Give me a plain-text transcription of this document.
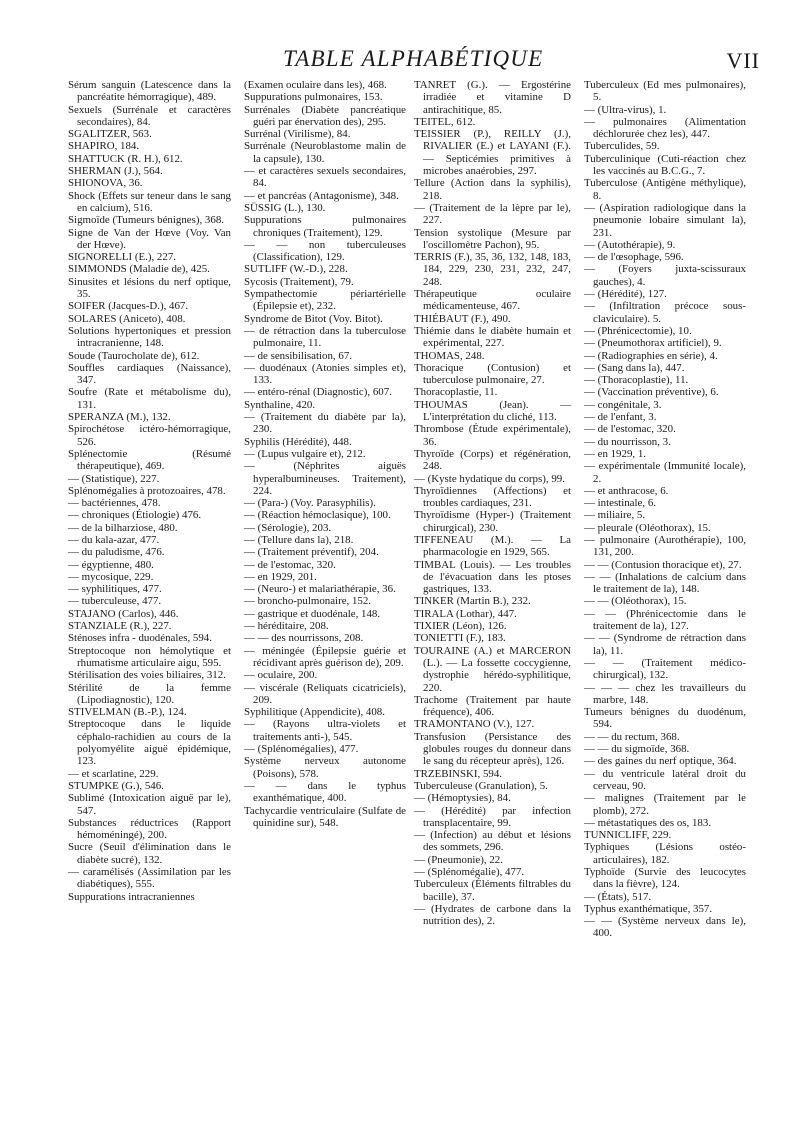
TABLE ALPHABÉTIQUE	VII

Sérum sanguin (Latescence dans la pancréatite hémorragique), 489.

Sexuels (Surrénale et caractères secondaires), 84.

SGALITZER, 563.

SHAPIRO, 184.

SHATTUCK (R. H.), 612.

SHERMAN (J.), 564.

SHIONOVA, 36.

Shock (Effets sur teneur dans le sang en calcium), 516.

Sigmoïde (Tumeurs bénignes), 368.

Signe de Van der Hœve (Voy. Van der Hœve).

SIGNORELLI (E.), 227.

SIMMONDS (Maladie de), 425.

Sinusites et lésions du nerf optique, 35.

SOIFER (Jacques-D.), 467.

SOLARES (Aniceto), 408.

Solutions hypertoniques et pression intracranienne, 148.

Soude (Taurocholate de), 612.

Souffles cardiaques (Naissance), 347.

Soufre (Rate et métabolisme du), 131.

SPERANZA (M.), 132.

Spirochétose ictéro-hémorragique, 526.

Splénectomie (Résumé thérapeutique), 469.

— (Statistique), 227.

Splénomégalies à protozoaires, 478.

— bactériennes, 478.

— chroniques (Étiologie) 476.

— de la bilharziose, 480.

— du kala-azar, 477.

— du paludisme, 476.

— égyptienne, 480.

— mycosique, 229.

— syphilitiques, 477.

— tuberculeuse, 477.

STAJANO (Carlos), 446.

STANZIALE (R.), 227.

Sténoses infra - duodénales, 594.

Streptocoque non hémolytique et rhumatisme articulaire aigu, 595.

Stérilisation des voies biliaires, 312.

Stérilité de la femme (Lipodiagnostic), 120.

STIVELMAN (B.-P.), 124.

Streptocoque dans le liquide céphalo-rachidien au cours de la polyomyélite aiguë épidémique, 123.

— et scarlatine, 229.

STUMPKE (G.), 546.

Sublimé (Intoxication aiguë par le), 547.

Substances réductrices (Rapport hémoméningé), 200.

Sucre (Seuil d'élimination dans le diabète sucré), 132.

— caramélisés (Assimilation par les diabétiques), 555.

Suppurations intracraniennes

(Examen oculaire dans les), 468.

Suppurations pulmonaires, 153.

Surrénales (Diabète pancréatique guéri par énervation des), 295.

Surrénal (Virilisme), 84.

Surrénale (Neuroblastome malin de la capsule), 130.

— et caractères sexuels secondaires, 84.

— et pancréas (Antagonisme), 348.

SÜSSIG (L.), 130.

Suppurations pulmonaires chroniques (Traitement), 129.

— — non tuberculeuses (Classification), 129.

SUTLIFF (W.-D.), 228.

Sycosis (Traitement), 79.

Sympathectomie périartérielle (Épilepsie et), 232.

Syndrome de Bitot (Voy. Bitot).

— de rétraction dans la tuberculose pulmonaire, 11.

— de sensibilisation, 67.

— duodénaux (Atonies simples et), 133.

— entéro-rénal (Diagnostic), 607.

Synthaline, 420.

— (Traitement du diabète par la), 230.

Syphilis (Hérédité), 448.

— (Lupus vulgaire et), 212.

— (Néphrites aiguës hyperalbumineuses. Traitement), 224.

— (Para-) (Voy. Parasyphilis).

— (Réaction hémoclasique), 100.

— (Sérologie), 203.

— (Tellure dans la), 218.

— (Traitement préventif), 204.

— de l'estomac, 320.

— en 1929, 201.

— (Neuro-) et malariathérapie, 36.

— broncho-pulmonaire, 152.

— gastrique et duodénale, 148.

— héréditaire, 208.

— — des nourrissons, 208.

— méningée (Épilepsie guérie et récidivant après guérison de), 209.

— oculaire, 200.

— viscérale (Reliquats cicatriciels), 209.

Syphilitique (Appendicite), 408.

— (Rayons ultra-violets et traitements anti-), 545.

— (Splénomégalies), 477.

Système nerveux autonome (Poisons), 578.

— — dans le typhus exanthématique, 400.

Tachycardie ventriculaire (Sulfate de quinidine sur), 548.

TANRET (G.). — Ergostérine irradiée et vitamine D antirachitique, 85.

TEITEL, 612.

TEISSIER (P.), REILLY (J.), RIVALIER (E.) et LAYANI (F.). — Septicémies primitives à microbes anaérobies, 297.

Tellure (Action dans la syphilis), 218.

— (Traitement de la lèpre par le), 227.

Tension systolique (Mesure par l'oscillomètre Pachon), 95.

TERRIS (F.), 35, 36, 132, 148, 183, 184, 229, 230, 231, 232, 247, 248.

Thérapeutique oculaire médicamenteuse, 467.

THIÉBAUT (F.), 490.

Thiémie dans le diabète humain et expérimental, 227.

THOMAS, 248.

Thoracique (Contusion) et tuberculose pulmonaire, 27.

Thoracoplastie, 11.

THOUMAS (Jean). — L'interprétation du cliché, 113.

Thrombose (Étude expérimentale), 36.

Thyroïde (Corps) et régénération, 248.

— (Kyste hydatique du corps), 99.

Thyroïdiennes (Affections) et troubles cardiaques, 231.

Thyroïdisme (Hyper-) (Traitement chirurgical), 230.

TIFFENEAU (M.). — La pharmacologie en 1929, 565.

TIMBAL (Louis). — Les troubles de l'évacuation dans les ptoses gastriques, 133.

TINKER (Martin B.), 232.

TIRALA (Lothar), 447.

TIXIER (Léon), 126.

TONIETTI (F.), 183.

TOURAINE (A.) et MARCERON (L.). — La fossette coccygienne, dystrophie hérédo-syphilitique, 220.

Trachome (Traitement par haute fréquence), 406.

TRAMONTANO (V.), 127.

Transfusion (Persistance des globules rouges du donneur dans le sang du récepteur après), 126.

TRZEBINSKI, 594.

Tuberculeuse (Granulation), 5.

— (Hémoptysies), 84.

— (Hérédité) par infection transplacentaire, 99.

— (Infection) au début et lésions des sommets, 296.

— (Pneumonie), 22.

— (Splénomégalie), 477.

Tuberculeux (Éléments filtrables du bacille), 37.

— (Hydrates de carbone dans la nutrition des), 2.

Tuberculeux (Ed mes pulmonaires), 5.

— (Ultra-virus), 1.

— pulmonaires (Alimentation déchlorurée chez les), 447.

Tuberculides, 59.

Tuberculinique (Cuti-réaction chez les vaccinés au B.C.G., 7.

Tuberculose (Antigène méthylique), 8.

— (Aspiration radiologique dans la pneumonie lobaire simulant la), 231.

— (Autothérapie), 9.

— de l'œsophage, 596.

— (Foyers juxta-scissuraux gauches), 4.

— (Hérédité), 127.

— (Infiltration précoce sous-claviculaire). 5.

— (Phrénicectomie), 10.

— (Pneumothorax artificiel), 9.

— (Radiographies en série), 4.

— (Sang dans la), 447.

— (Thoracoplastie), 11.

— (Vaccination préventive), 6.

— congénitale, 3.

— de l'enfant, 3.

— de l'estomac, 320.

— du nourrisson, 3.

— en 1929, 1.

— expérimentale (Immunité locale), 2.

— et anthracose, 6.

— intestinale, 6.

— miliaire, 5.

— pleurale (Oléothorax), 15.

— pulmonaire (Aurothérapie), 100, 131, 200.

— — (Contusion thoracique et), 27.

— — (Inhalations de calcium dans le traitement de la), 148.

— — (Oléothorax), 15.

— — (Phrénicectomie dans le traitement de la), 127.

— — (Syndrome de rétraction dans la), 11.

— — (Traitement médico-chirurgical), 132.

— — — chez les travailleurs du marbre, 148.

Tumeurs bénignes du duodénum, 594.

— — du rectum, 368.

— — du sigmoïde, 368.

— des gaines du nerf optique, 364.

— du ventricule latéral droit du cerveau, 90.

— malignes (Traitement par le plomb), 272.

— métastatiques des os, 183.

TUNNICLIFF, 229.

Typhiques (Lésions ostéo-articulaires), 182.

Typhoïde (Survie des leucocytes dans la fièvre), 124.

— (États), 517.

Typhus exanthématique, 357.

— — (Système nerveux dans le), 400.
